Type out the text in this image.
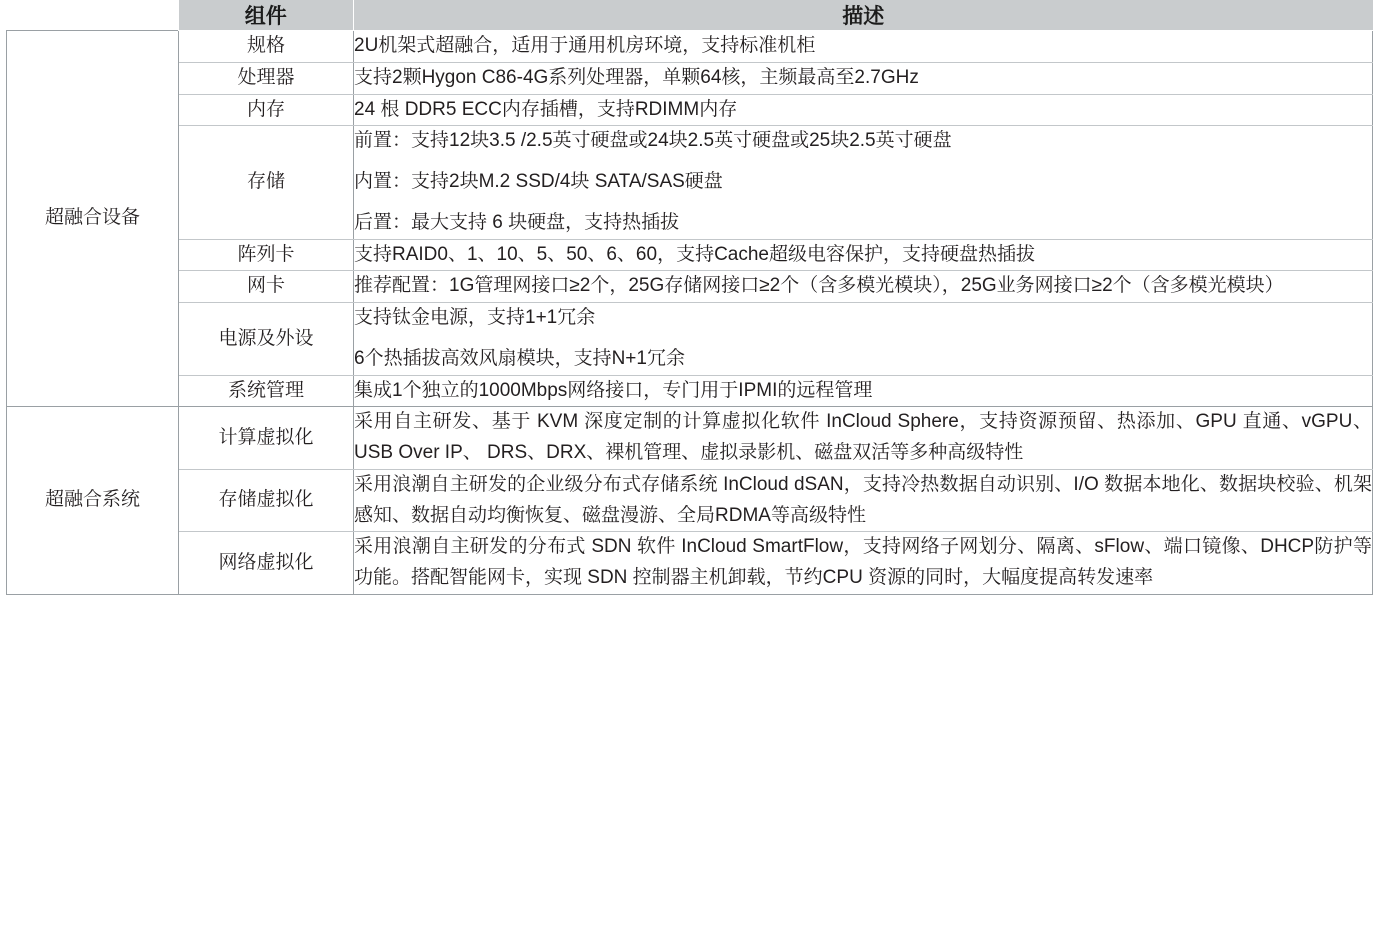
	组件	描述
超融合设备	规格	2U机架式超融合，适用于通用机房环境，支持标准机柜

	处理器	支持2颗Hygon C86-4G系列处理器，单颗64核，主频最高至2.7GHz

	内存	24 根 DDR5 ECC内存插槽，支持RDIMM内存

	存储	前置：支持12块3.5 /2.5英寸硬盘或24块2.5英寸硬盘或25块2.5英寸硬盘
内置：支持2块M.2 SSD/4块 SATA/SAS硬盘
后置：最大支持 6 块硬盘，支持热插拔

	阵列卡	支持RAID0、1、10、5、50、6、60，支持Cache超级电容保护，支持硬盘热插拔

	网卡	推荐配置：1G管理网接口≥2个，25G存储网接口≥2个（含多模光模块），25G业务网接口≥2个（含多模光模块）

	电源及外设	支持钛金电源，支持1+1冗余
6个热插拔高效风扇模块，支持N+1冗余

	系统管理	集成1个独立的1000Mbps网络接口，专门用于IPMI的远程管理

超融合系统	计算虚拟化	采用自主研发、基于 KVM 深度定制的计算虚拟化软件 InCloud Sphere，支持资源预留、热添加、GPU 直通、vGPU、USB Over IP、 DRS、DRX、裸机管理、虚拟录影机、磁盘双活等多种高级特性

	存储虚拟化	采用浪潮自主研发的企业级分布式存储系统 InCloud dSAN，支持冷热数据自动识别、I/O 数据本地化、数据块校验、机架感知、数据自动均衡恢复、磁盘漫游、全局RDMA等高级特性

	网络虚拟化	采用浪潮自主研发的分布式 SDN 软件 InCloud SmartFlow，支持网络子网划分、隔离、sFlow、端口镜像、DHCP防护等功能。搭配智能网卡，实现 SDN 控制器主机卸载，节约CPU 资源的同时，大幅度提高转发速率
